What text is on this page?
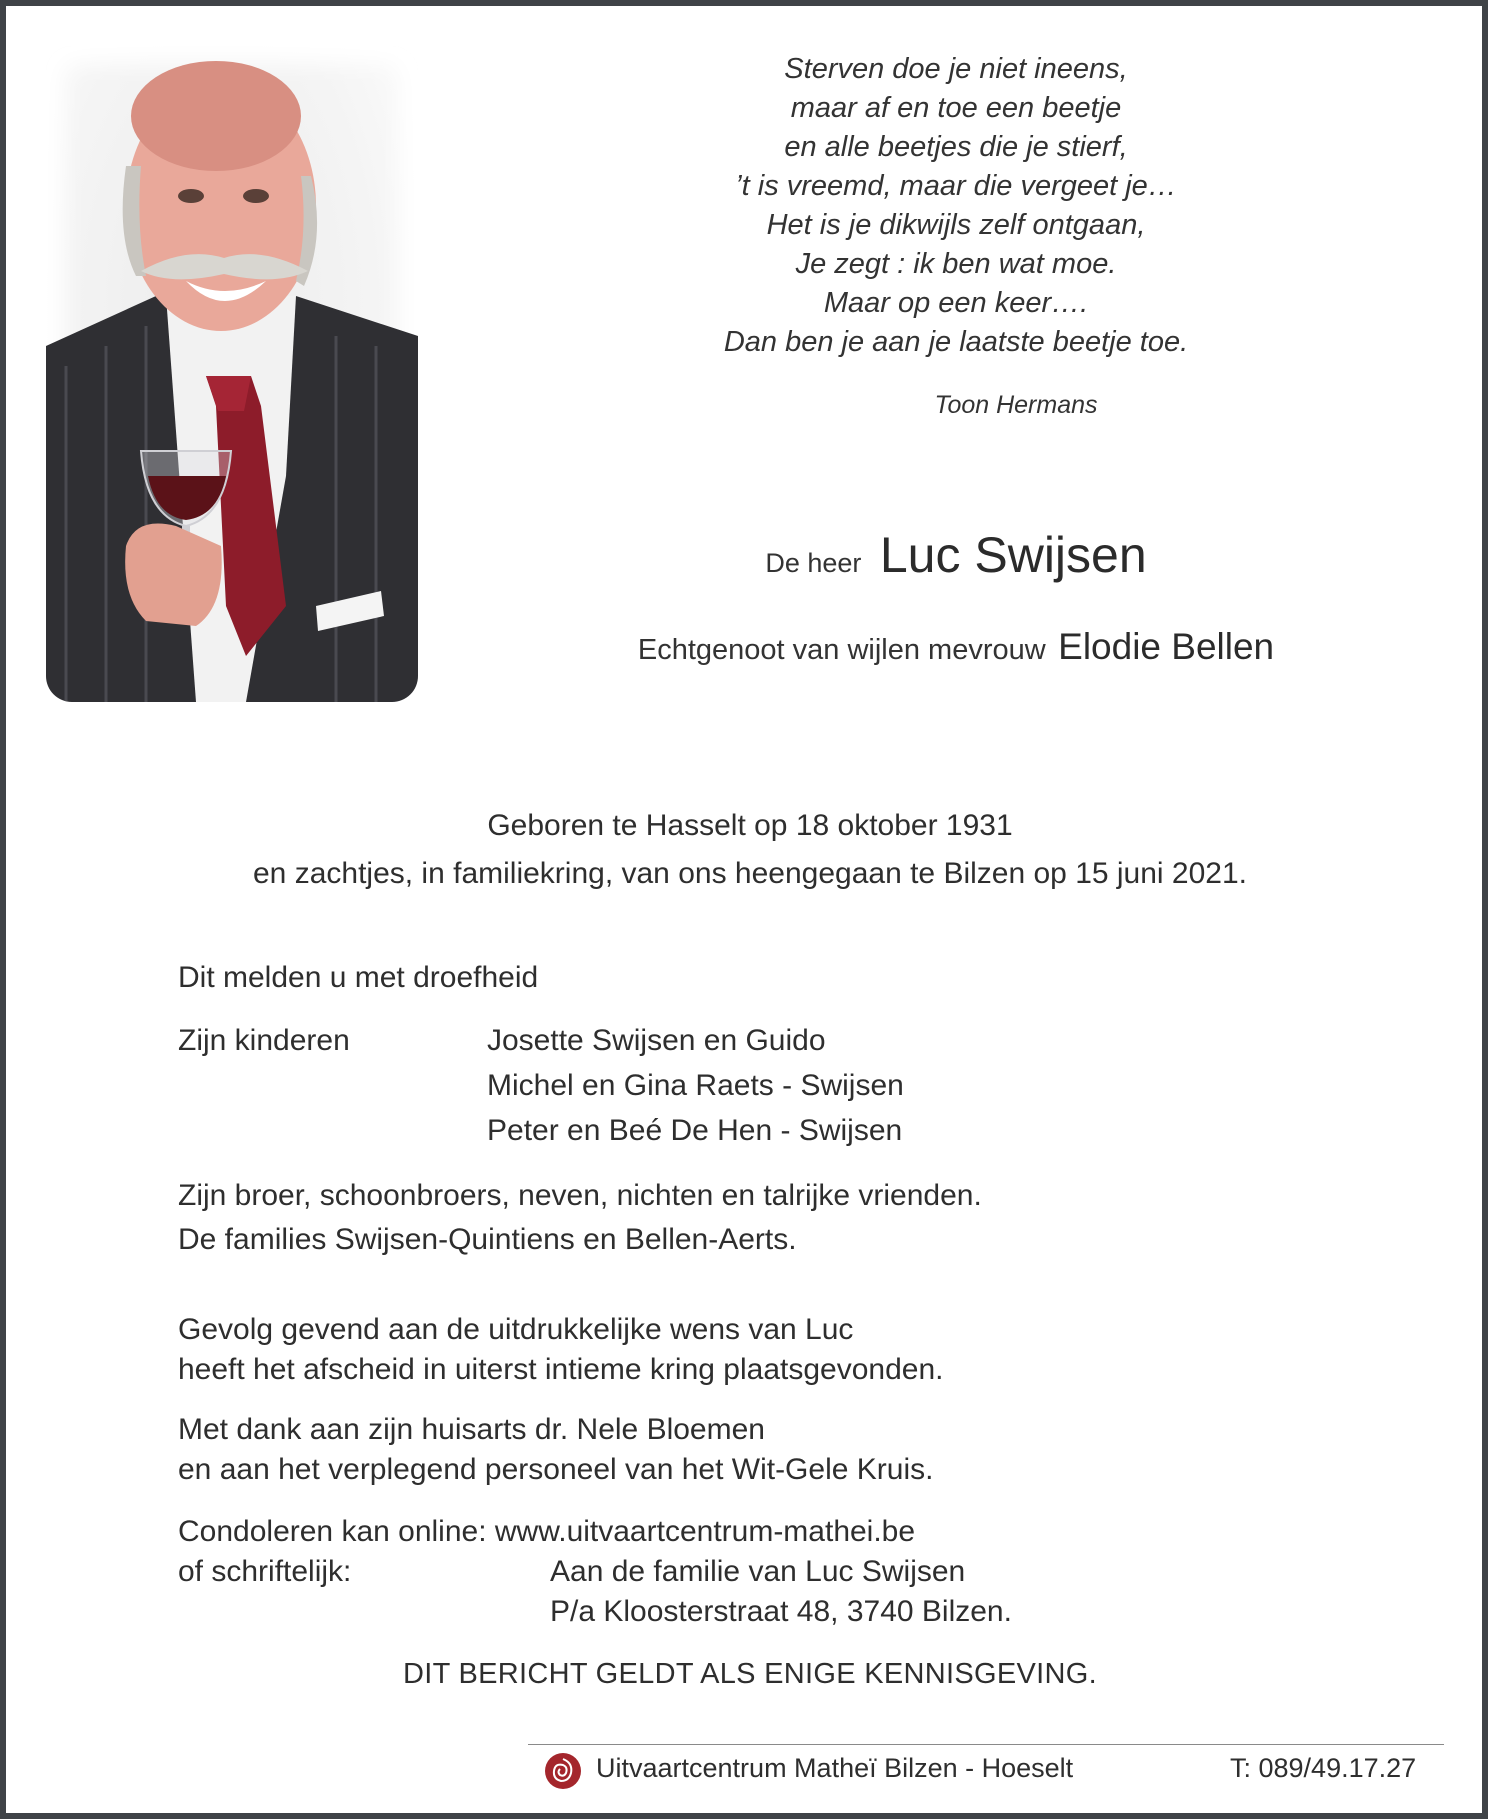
Sterven doe je niet ineens,
maar af en toe een beetje
en alle beetjes die je stierf,
’t is vreemd, maar die vergeet je…
Het is je dikwijls zelf ontgaan,
Je zegt : ik ben wat moe.
Maar op een keer….
Dan ben je aan je laatste beetje toe.
Toon Hermans
De heer Luc Swijsen
Echtgenoot van wijlen mevrouw Elodie Bellen
Geboren te Hasselt op 18 oktober 1931
en zachtjes, in familiekring, van ons heengegaan te Bilzen op 15 juni 2021.
Dit melden u met droefheid
Zijn kinderen	Josette Swijsen en Guido
Michel en Gina Raets - Swijsen
Peter en Beé De Hen - Swijsen
Zijn broer, schoonbroers, neven, nichten en talrijke vrienden.
De families Swijsen-Quintiens en Bellen-Aerts.
Gevolg gevend aan de uitdrukkelijke wens van Luc
heeft het afscheid in uiterst intieme kring plaatsgevonden.
Met dank aan zijn huisarts dr. Nele Bloemen
en aan het verplegend personeel van het Wit-Gele Kruis.
Condoleren kan online: www.uitvaartcentrum-mathei.be
of schriftelijk:	Aan de familie van Luc Swijsen
P/a Kloosterstraat 48, 3740 Bilzen.
DIT BERICHT GELDT ALS ENIGE KENNISGEVING.
Uitvaartcentrum Matheï Bilzen - Hoeselt	T: 089/49.17.27
